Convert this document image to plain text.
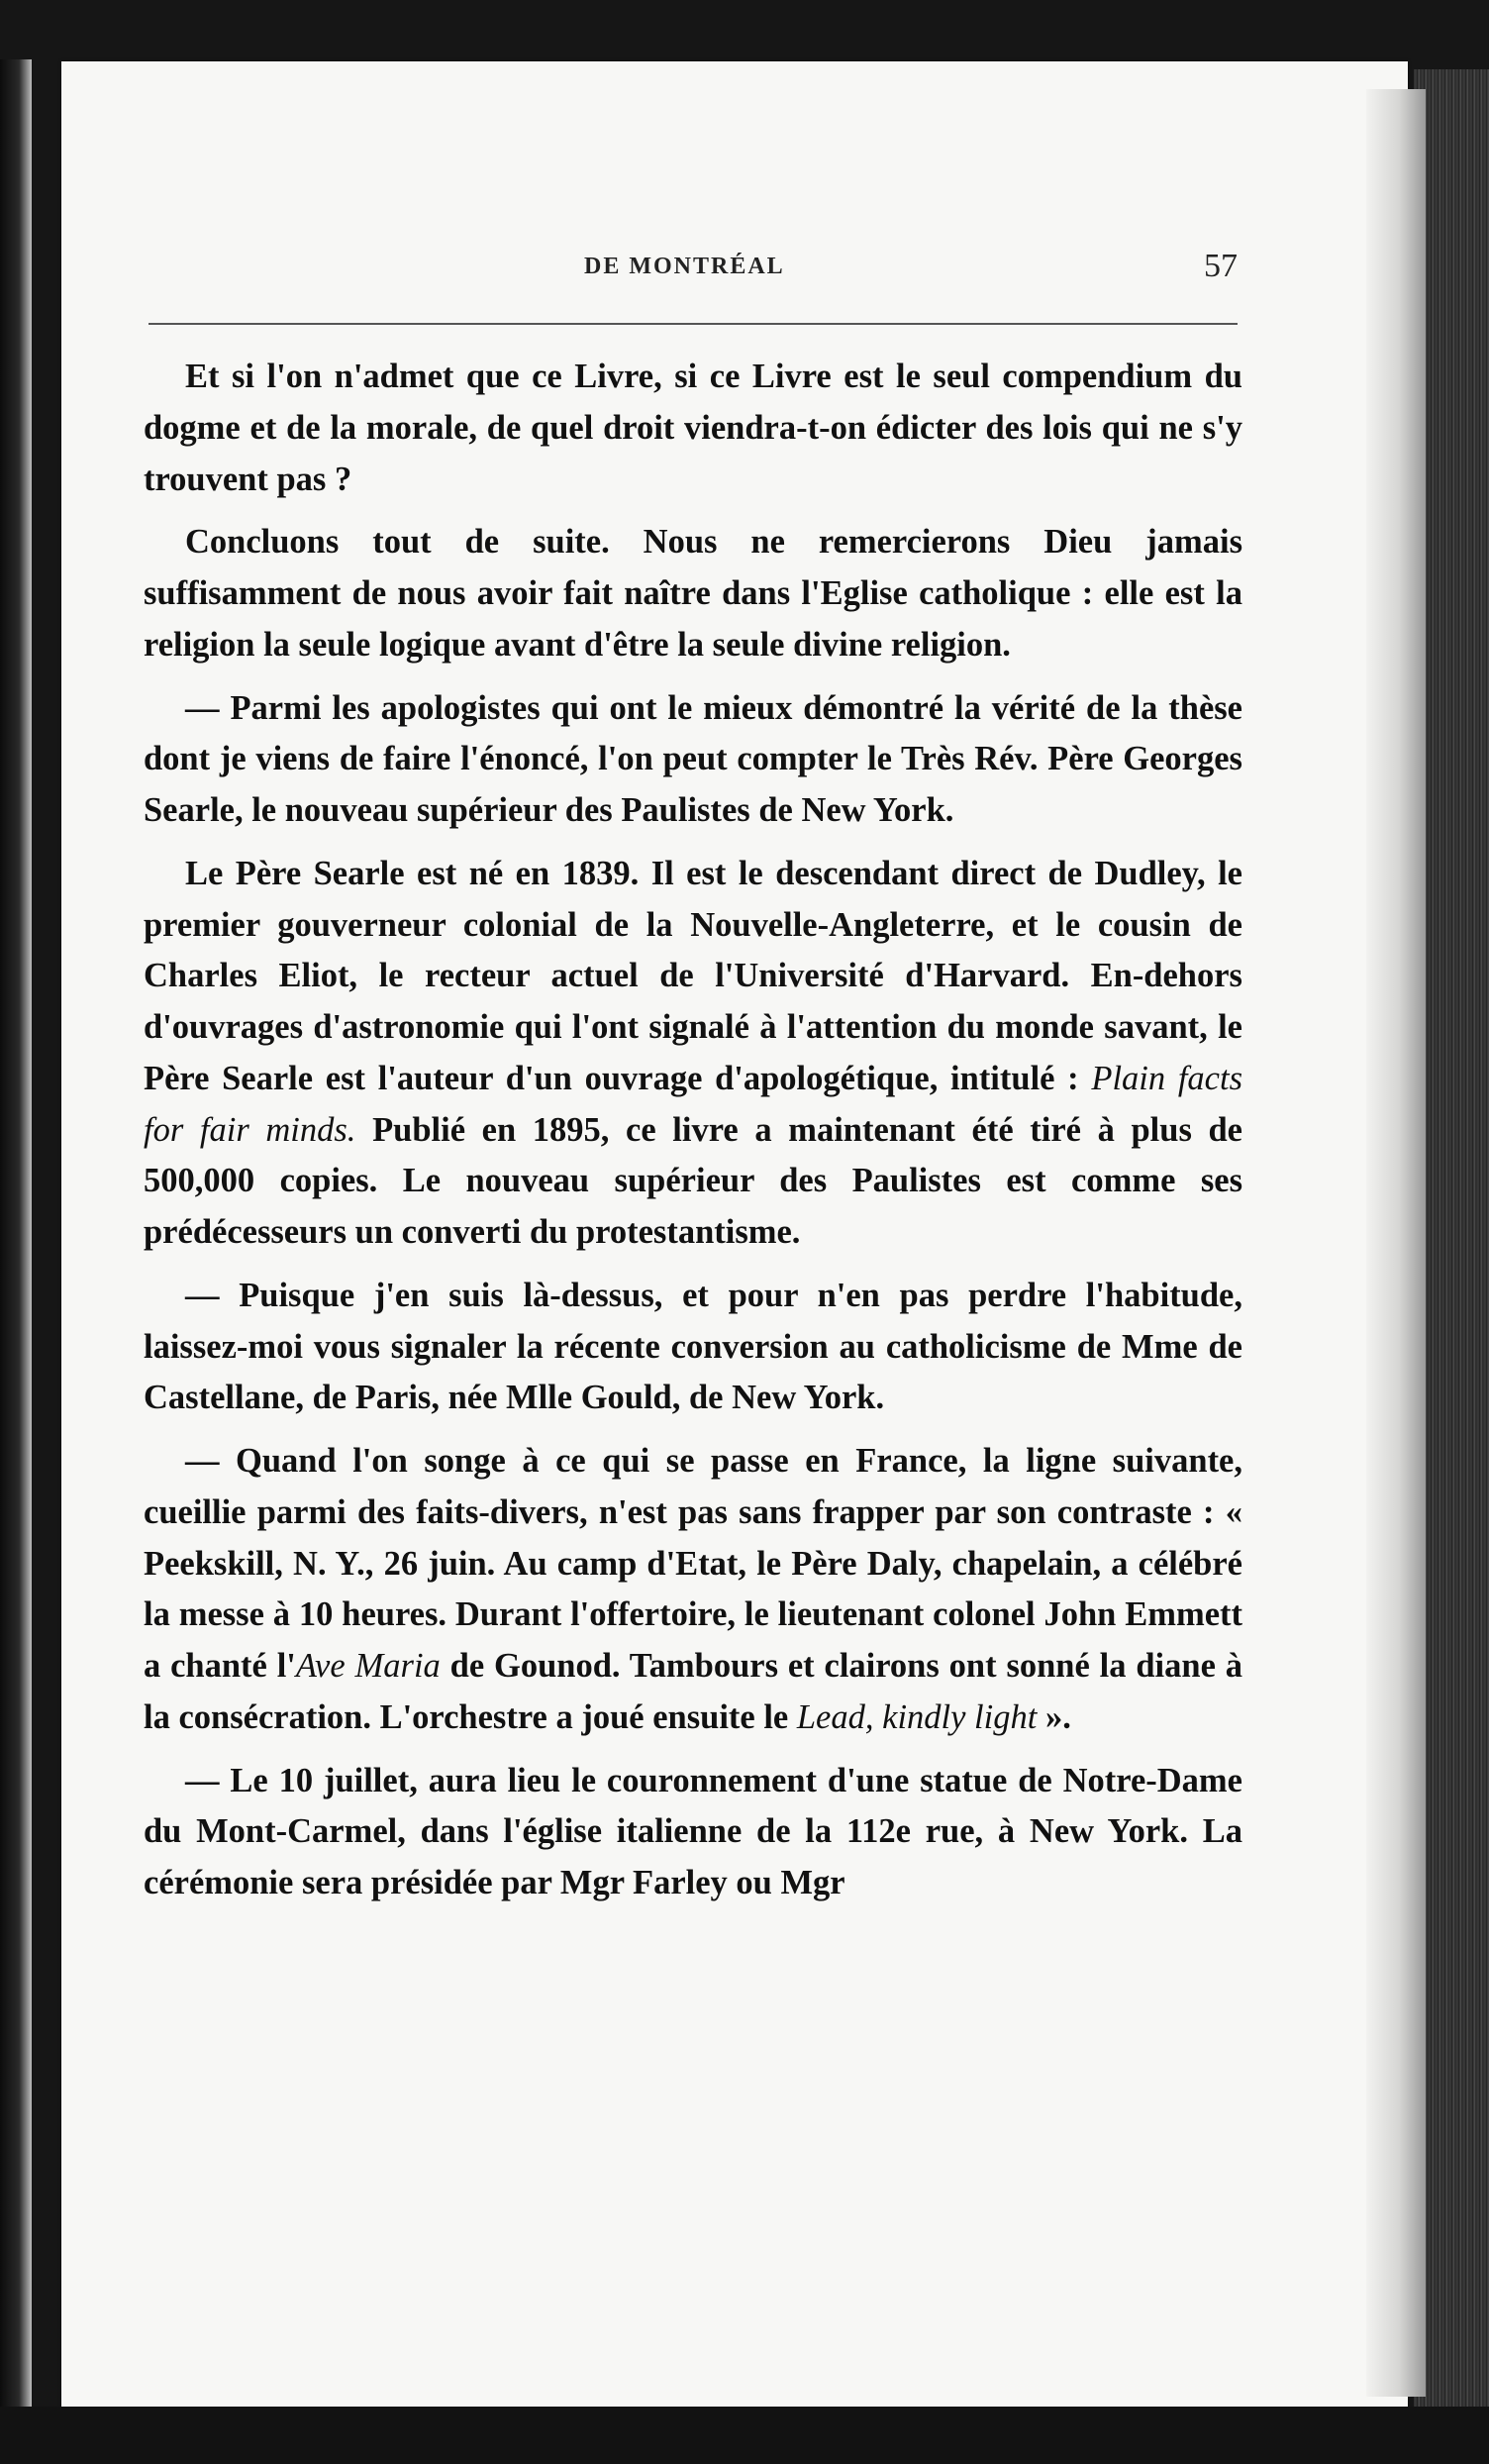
DE MONTRÉAL	57

Et si l'on n'admet que ce Livre, si ce Livre est le seul compendium du dogme et de la morale, de quel droit viendra-t-on édicter des lois qui ne s'y trouvent pas ?

Concluons tout de suite. Nous ne remercierons Dieu jamais suffisamment de nous avoir fait naître dans l'Eglise catholique : elle est la religion la seule logique avant d'être la seule divine religion.

— Parmi les apologistes qui ont le mieux démontré la vérité de la thèse dont je viens de faire l'énoncé, l'on peut compter le Très Rév. Père Georges Searle, le nouveau supérieur des Paulistes de New York.

Le Père Searle est né en 1839. Il est le descendant direct de Dudley, le premier gouverneur colonial de la Nouvelle-Angleterre, et le cousin de Charles Eliot, le recteur actuel de l'Université d'Harvard. En-dehors d'ouvrages d'astronomie qui l'ont signalé à l'attention du monde savant, le Père Searle est l'auteur d'un ouvrage d'apologétique, intitulé : Plain facts for fair minds. Publié en 1895, ce livre a maintenant été tiré à plus de 500,000 copies. Le nouveau supérieur des Paulistes est comme ses prédécesseurs un converti du protestantisme.

— Puisque j'en suis là-dessus, et pour n'en pas perdre l'habitude, laissez-moi vous signaler la récente conversion au catholicisme de Mme de Castellane, de Paris, née Mlle Gould, de New York.

— Quand l'on songe à ce qui se passe en France, la ligne suivante, cueillie parmi des faits-divers, n'est pas sans frapper par son contraste : « Peekskill, N. Y., 26 juin. Au camp d'Etat, le Père Daly, chapelain, a célébré la messe à 10 heures. Durant l'offertoire, le lieutenant colonel John Emmett a chanté l'Ave Maria de Gounod. Tambours et clairons ont sonné la diane à la consécration. L'orchestre a joué ensuite le Lead, kindly light ».

— Le 10 juillet, aura lieu le couronnement d'une statue de Notre-Dame du Mont-Carmel, dans l'église italienne de la 112e rue, à New York. La cérémonie sera présidée par Mgr Farley ou Mgr
